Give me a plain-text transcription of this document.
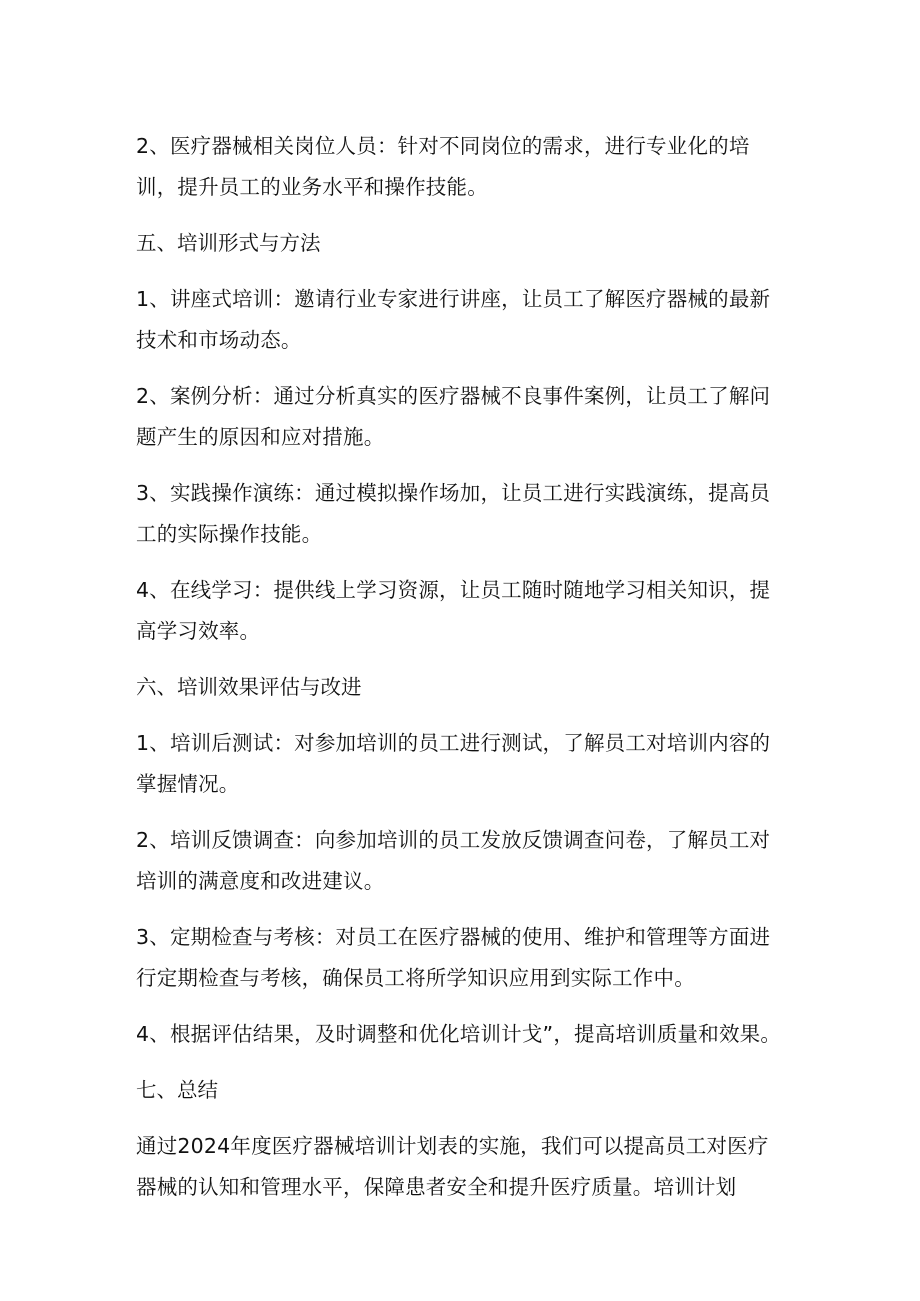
2、医疗器械相关岗位人员：针对不同岗位的需求，进行专业化的培训，提升员工的业务水平和操作技能。

五、培训形式与方法

1、讲座式培训：邀请行业专家进行讲座，让员工了解医疗器械的最新技术和市场动态。

2、案例分析：通过分析真实的医疗器械不良事件案例，让员工了解问题产生的原因和应对措施。

3、实践操作演练：通过模拟操作场加，让员工进行实践演练，提高员工的实际操作技能。

4、在线学习：提供线上学习资源，让员工随时随地学习相关知识，提高学习效率。

六、培训效果评估与改进

1、培训后测试：对参加培训的员工进行测试，了解员工对培训内容的掌握情况。

2、培训反馈调查：向参加培训的员工发放反馈调查问卷，了解员工对培训的满意度和改进建议。

3、定期检查与考核：对员工在医疗器械的使用、维护和管理等方面进行定期检查与考核，确保员工将所学知识应用到实际工作中。

4、根据评估结果，及时调整和优化培训计戈”，提高培训质量和效果。

七、总结

通过2024年度医疗器械培训计划表的实施，我们可以提高员工对医疗器械的认知和管理水平，保障患者安全和提升医疗质量。培训计划
